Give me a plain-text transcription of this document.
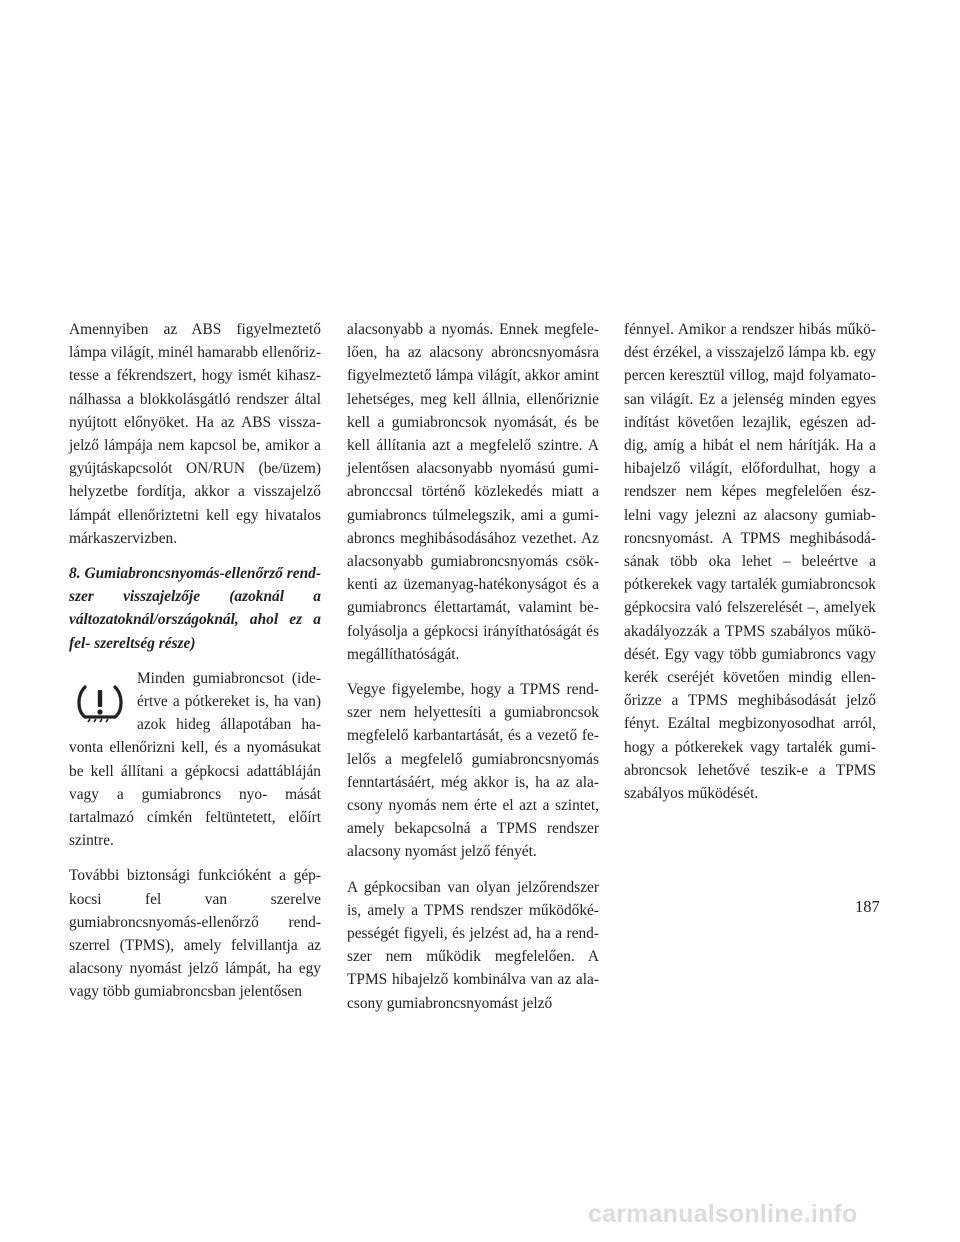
Amennyiben az ABS figyelmeztető lámpa világít, minél hamarabb ellenőriz- tesse a fékrendszert, hogy ismét kihasz- nálhassa a blokkolásgátló rendszer által nyújtott előnyöket. Ha az ABS vissza- jelző lámpája nem kapcsol be, amikor a gyújtáskapcsolót ON/RUN (be/üzem) helyzetbe fordítja, akkor a visszajelző lámpát ellenőriztetni kell egy hivatalos márkaszervizben.

8. Gumiabroncsnyomás-ellenőrző rend- szer visszajelzője (azoknál a változatoknál/országoknál, ahol ez a fel- szereltség része)

Minden gumiabroncsot (ide- értve a pótkereket is, ha van) azok hideg állapotában ha- vonta ellenőrizni kell, és a nyomásukat be kell állítani a gépkocsi adattábláján vagy a gumiabroncs nyo- mását tartalmazó címkén feltüntetett, előírt szintre.

További biztonsági funkcióként a gép- kocsi fel van szerelve gumiabroncsnyomás-ellenőrző rend- szerrel (TPMS), amely felvillantja az alacsony nyomást jelző lámpát, ha egy vagy több gumiabroncsban jelentősen

alacsonyabb a nyomás. Ennek megfele- lően, ha az alacsony abroncsnyomásra figyelmeztető lámpa világít, akkor amint lehetséges, meg kell állnia, ellenőriznie kell a gumiabroncsok nyomását, és be kell állítania azt a megfelelő szintre. A jelentősen alacsonyabb nyomású gumi- abronccsal történő közlekedés miatt a gumiabroncs túlmelegszik, ami a gumi- abroncs meghibásodásához vezethet. Az alacsonyabb gumiabroncsnyomás csök- kenti az üzemanyag-hatékonyságot és a gumiabroncs élettartamát, valamint be- folyásolja a gépkocsi irányíthatóságát és megállíthatóságát.

Vegye figyelembe, hogy a TPMS rend- szer nem helyettesíti a gumiabroncsok megfelelő karbantartását, és a vezető fe- lelős a megfelelő gumiabroncsnyomás fenntartásáért, még akkor is, ha az ala- csony nyomás nem érte el azt a szintet, amely bekapcsolná a TPMS rendszer alacsony nyomást jelző fényét.

A gépkocsiban van olyan jelzőrendszer is, amely a TPMS rendszer működőké- pességét figyeli, és jelzést ad, ha a rend- szer nem működik megfelelően. A TPMS hibajelző kombinálva van az ala- csony gumiabroncsnyomást jelző

fénnyel. Amikor a rendszer hibás műkö- dést érzékel, a visszajelző lámpa kb. egy percen keresztül villog, majd folyamato- san világít. Ez a jelenség minden egyes indítást követően lezajlik, egészen ad- dig, amíg a hibát el nem hárítják. Ha a hibajelző világít, előfordulhat, hogy a rendszer nem képes megfelelően ész- lelni vagy jelezni az alacsony gumiab- roncsnyomást. A TPMS meghibásodá- sának több oka lehet – beleértve a pótkerekek vagy tartalék gumiabroncsok gépkocsira való felszerelését –, amelyek akadályozzák a TPMS szabályos műkö- dését. Egy vagy több gumiabroncs vagy kerék cseréjét követően mindig ellen- őrizze a TPMS meghibásodását jelző fényt. Ezáltal megbizonyosodhat arról, hogy a pótkerekek vagy tartalék gumi- abroncsok lehetővé teszik-e a TPMS szabályos működését.

187
carmanualsonline.info
